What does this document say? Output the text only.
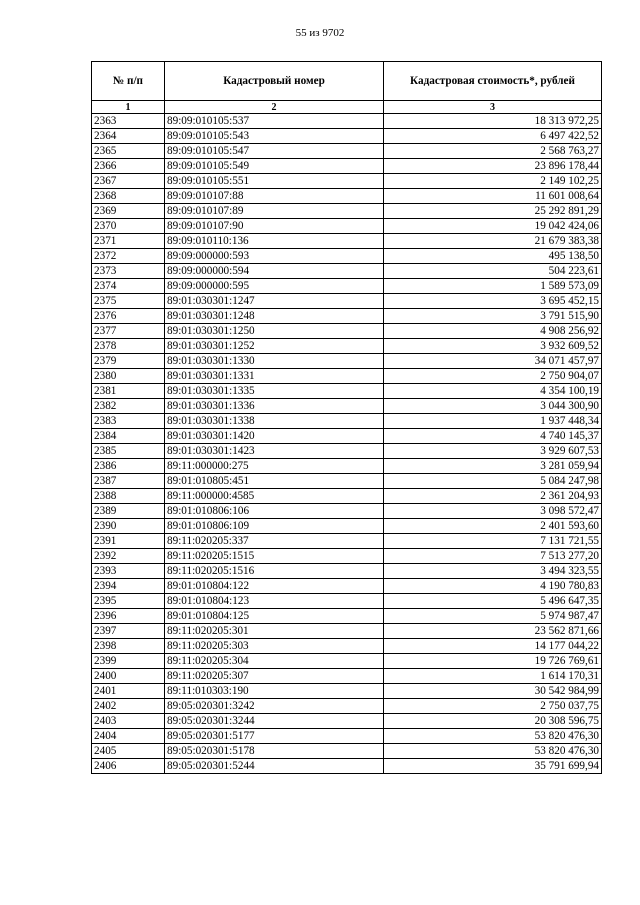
55 из 9702
№ п/п	Кадастровый номер	Кадастровая стоимость*, рублей
1	2	3
2363	89:09:010105:537	18 313 972,25
2364	89:09:010105:543	6 497 422,52
2365	89:09:010105:547	2 568 763,27
2366	89:09:010105:549	23 896 178,44
2367	89:09:010105:551	2 149 102,25
2368	89:09:010107:88	11 601 008,64
2369	89:09:010107:89	25 292 891,29
2370	89:09:010107:90	19 042 424,06
2371	89:09:010110:136	21 679 383,38
2372	89:09:000000:593	495 138,50
2373	89:09:000000:594	504 223,61
2374	89:09:000000:595	1 589 573,09
2375	89:01:030301:1247	3 695 452,15
2376	89:01:030301:1248	3 791 515,90
2377	89:01:030301:1250	4 908 256,92
2378	89:01:030301:1252	3 932 609,52
2379	89:01:030301:1330	34 071 457,97
2380	89:01:030301:1331	2 750 904,07
2381	89:01:030301:1335	4 354 100,19
2382	89:01:030301:1336	3 044 300,90
2383	89:01:030301:1338	1 937 448,34
2384	89:01:030301:1420	4 740 145,37
2385	89:01:030301:1423	3 929 607,53
2386	89:11:000000:275	3 281 059,94
2387	89:01:010805:451	5 084 247,98
2388	89:11:000000:4585	2 361 204,93
2389	89:01:010806:106	3 098 572,47
2390	89:01:010806:109	2 401 593,60
2391	89:11:020205:337	7 131 721,55
2392	89:11:020205:1515	7 513 277,20
2393	89:11:020205:1516	3 494 323,55
2394	89:01:010804:122	4 190 780,83
2395	89:01:010804:123	5 496 647,35
2396	89:01:010804:125	5 974 987,47
2397	89:11:020205:301	23 562 871,66
2398	89:11:020205:303	14 177 044,22
2399	89:11:020205:304	19 726 769,61
2400	89:11:020205:307	1 614 170,31
2401	89:11:010303:190	30 542 984,99
2402	89:05:020301:3242	2 750 037,75
2403	89:05:020301:3244	20 308 596,75
2404	89:05:020301:5177	53 820 476,30
2405	89:05:020301:5178	53 820 476,30
2406	89:05:020301:5244	35 791 699,94
